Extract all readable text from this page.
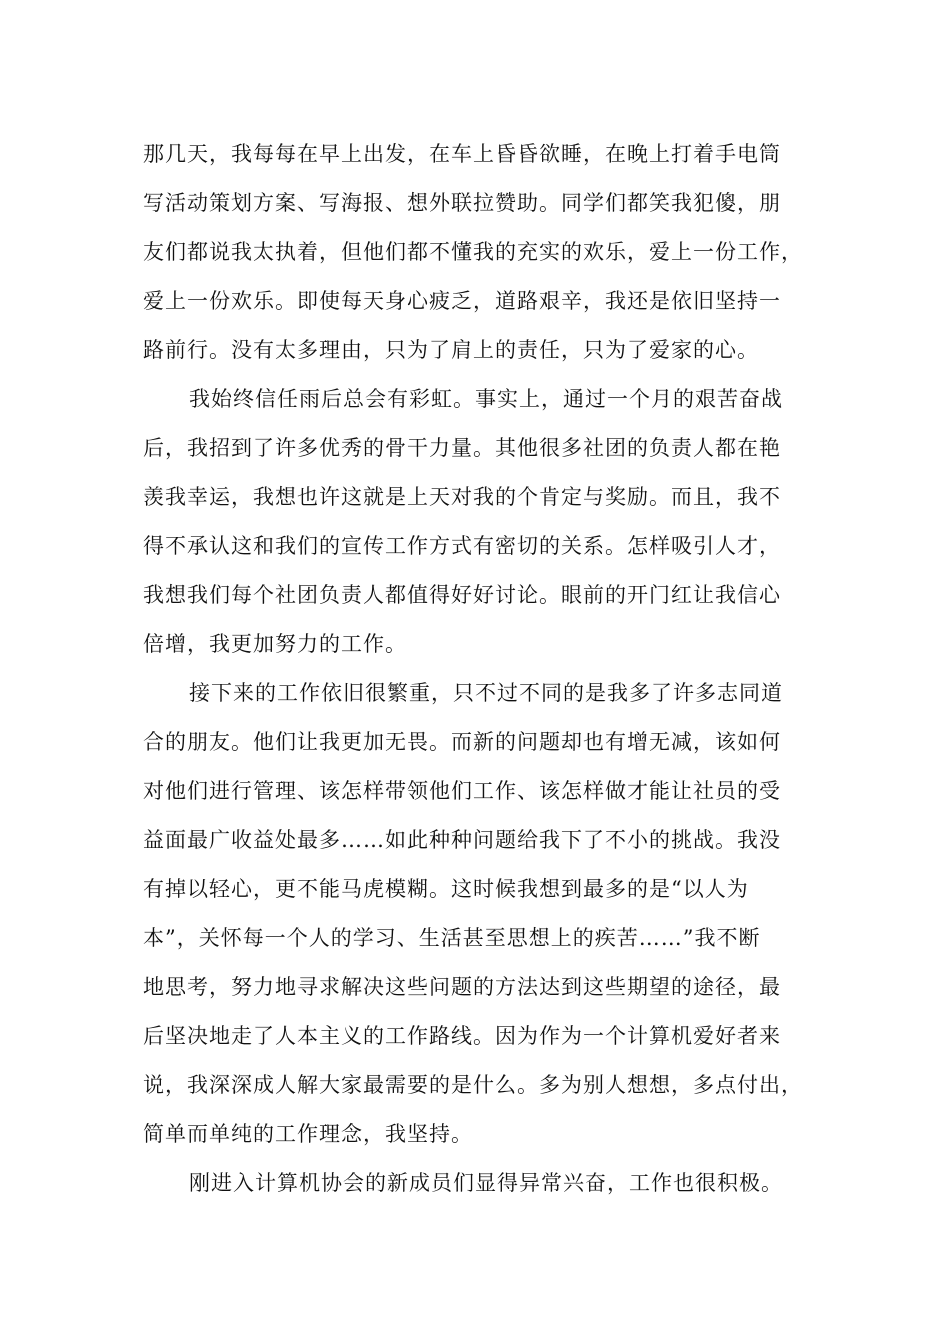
那几天，我每每在早上出发，在车上昏昏欲睡，在晚上打着手电筒
写活动策划方案、写海报、想外联拉赞助。同学们都笑我犯傻，朋
友们都说我太执着，但他们都不懂我的充实的欢乐，爱上一份工作，
爱上一份欢乐。即使每天身心疲乏，道路艰辛，我还是依旧坚持一
路前行。没有太多理由，只为了肩上的责任，只为了爱家的心。
我始终信任雨后总会有彩虹。事实上，通过一个月的艰苦奋战
后，我招到了许多优秀的骨干力量。其他很多社团的负责人都在艳
羡我幸运，我想也许这就是上天对我的个肯定与奖励。而且，我不
得不承认这和我们的宣传工作方式有密切的关系。怎样吸引人才，
我想我们每个社团负责人都值得好好讨论。眼前的开门红让我信心
倍增，我更加努力的工作。
接下来的工作依旧很繁重，只不过不同的是我多了许多志同道
合的朋友。他们让我更加无畏。而新的问题却也有增无减，该如何
对他们进行管理、该怎样带领他们工作、该怎样做才能让社员的受
益面最广收益处最多……如此种种问题给我下了不小的挑战。我没
有掉以轻心，更不能马虎模糊。这时候我想到最多的是“以人为
本”，关怀每一个人的学习、生活甚至思想上的疾苦……”我不断
地思考，努力地寻求解决这些问题的方法达到这些期望的途径，最
后坚决地走了人本主义的工作路线。因为作为一个计算机爱好者来
说，我深深成人解大家最需要的是什么。多为别人想想，多点付出，
简单而单纯的工作理念，我坚持。
刚进入计算机协会的新成员们显得异常兴奋，工作也很积极。
